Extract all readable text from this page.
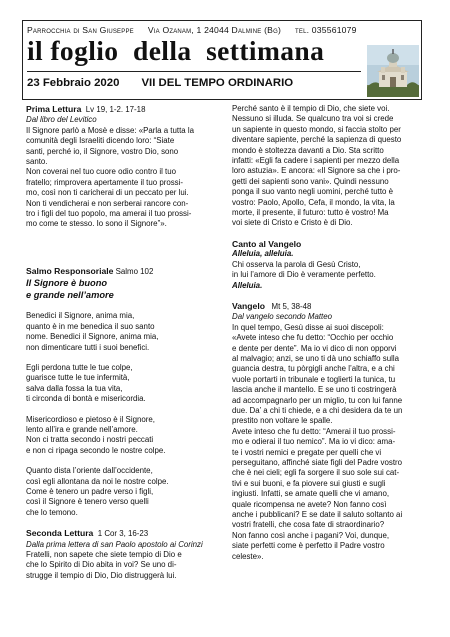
Parrocchia di San Giuseppe Via Ozanam, 1 24044 Dalmine (Bg) tel. 035561079
il foglio  della  settimana
23 Febbraio 2020 VII DEL TEMPO ORDINARIO
Prima Lettura Lv 19, 1-2. 17-18
Dal libro del Levitico
Il Signore parlò a Mosè e disse: «Parla a tutta la
comunità degli Israeliti dicendo loro: “Siate
santi, perché io, il Signore, vostro Dio, sono
santo.
Non coverai nel tuo cuore odio contro il tuo
fratello; rimprovera apertamente il tuo prossi-
mo, così non ti caricherai di un peccato per lui.
Non ti vendicherai e non serberai rancore con-
tro i figli del tuo popolo, ma amerai il tuo prossi-
mo come te stesso. Io sono il Signore”».
Salmo Responsoriale Salmo 102
Il Signore è buono
e grande nell’amore
Benedici il Signore, anima mia,
quanto è in me benedica il suo santo
nome. Benedici il Signore, anima mia,
non dimenticare tutti i suoi benefici.
Egli perdona tutte le tue colpe,
guarisce tutte le tue infermità,
salva dalla fossa la tua vita,
ti circonda di bontà e misericordia.
Misericordioso e pietoso è il Signore,
lento all’ira e grande nell’amore.
Non ci tratta secondo i nostri peccati
e non ci ripaga secondo le nostre colpe.
Quanto dista l’oriente dall’occidente,
così egli allontana da noi le nostre colpe.
Come è tenero un padre verso i figli,
così il Signore è tenero verso quelli
che lo temono.
Seconda Lettura 1 Cor 3, 16-23
Dalla prima lettera di san Paolo apostolo ai Corinzi
Fratelli, non sapete che siete tempio di Dio e
che lo Spirito di Dio abita in voi? Se uno di-
strugge il tempio di Dio, Dio distruggerà lui.
Perché santo è il tempio di Dio, che siete voi.
Nessuno si illuda. Se qualcuno tra voi si crede
un sapiente in questo mondo, si faccia stolto per
diventare sapiente, perché la sapienza di questo
mondo è stoltezza davanti a Dio. Sta scritto
infatti: «Egli fa cadere i sapienti per mezzo della
loro astuzia». E ancora: «Il Signore sa che i pro-
getti dei sapienti sono vani». Quindi nessuno
ponga il suo vanto negli uomini, perché tutto è
vostro: Paolo, Apollo, Cefa, il mondo, la vita, la
morte, il presente, il futuro: tutto è vostro! Ma
voi siete di Cristo e Cristo è di Dio.
Canto al Vangelo
Alleluia, alleluia.
Chi osserva la parola di Gesù Cristo,
in lui l’amore di Dio è veramente perfetto.
Alleluia.
Vangelo Mt 5, 38-48
Dal vangelo secondo Matteo
In quel tempo, Gesù disse ai suoi discepoli:
«Avete inteso che fu detto: “Occhio per occhio
e dente per dente”. Ma io vi dico di non opporvi
al malvagio; anzi, se uno ti dà uno schiaffo sulla
guancia destra, tu pòrgigli anche l’altra, e a chi
vuole portarti in tribunale e toglierti la tunica, tu
lascia anche il mantello. E se uno ti costringerà
ad accompagnarlo per un miglio, tu con lui fanne
due. Da’ a chi ti chiede, e a chi desidera da te un
prestito non voltare le spalle.
Avete inteso che fu detto: “Amerai il tuo prossi-
mo e odierai il tuo nemico”. Ma io vi dico: ama-
te i vostri nemici e pregate per quelli che vi
perseguitano, affinché siate figli del Padre vostro
che è nei cieli; egli fa sorgere il suo sole sui cat-
tivi e sui buoni, e fa piovere sui giusti e sugli
ingiusti. Infatti, se amate quelli che vi amano,
quale ricompensa ne avete? Non fanno così
anche i pubblicani? E se date il saluto soltanto ai
vostri fratelli, che cosa fate di straordinario?
Non fanno così anche i pagani? Voi, dunque,
siate perfetti come è perfetto il Padre vostro
celeste».
